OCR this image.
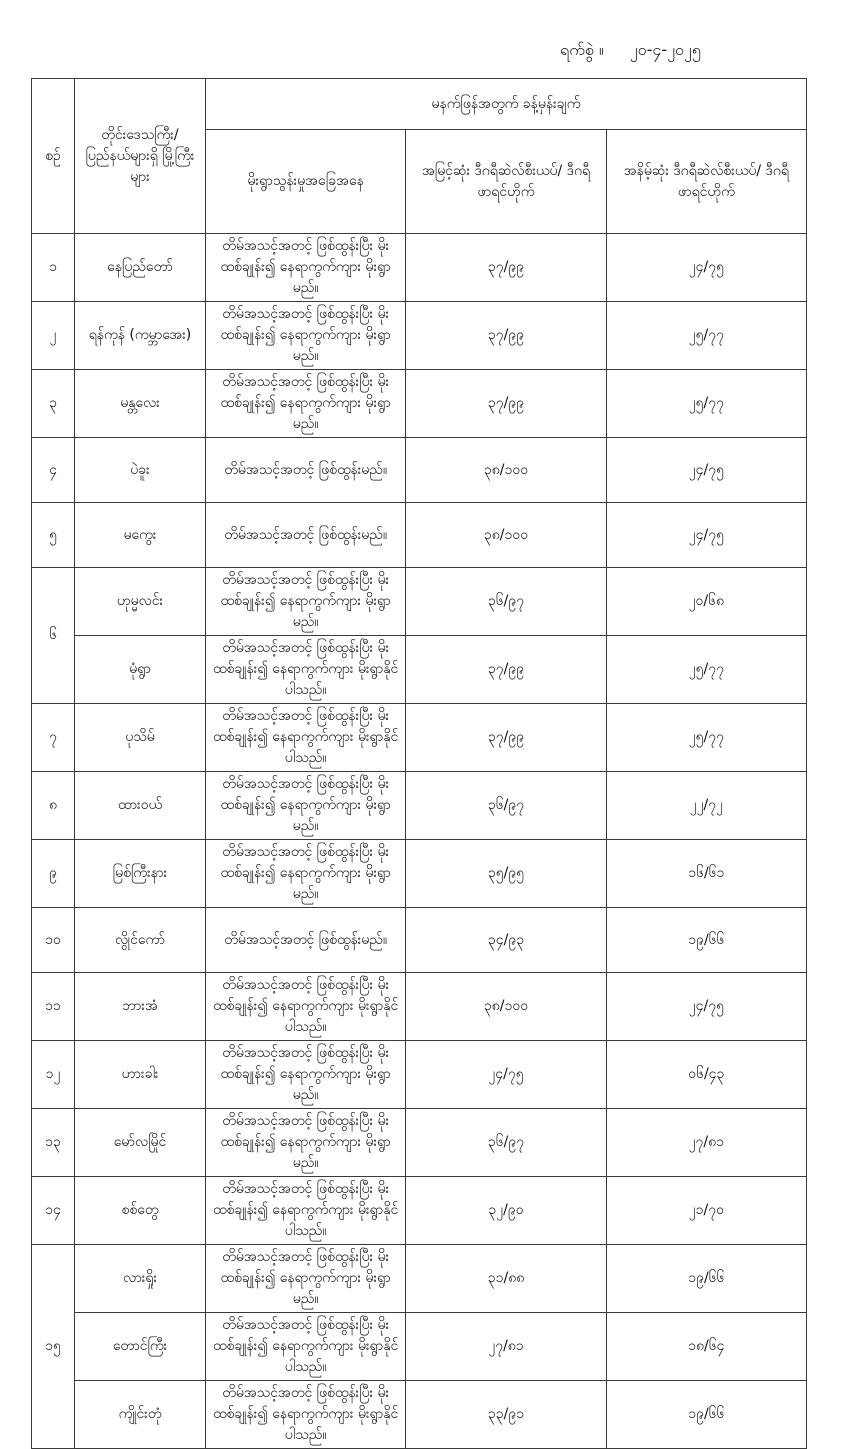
ရက်စွဲ ။ ၂၀-၄-၂၀၂၅
စဉ်	တိုင်းဒေသကြီး/ ပြည်နယ်များရှိ မြို့ကြီးများ	မနက်ဖြန်အတွက် ခန့်မှန်းချက်		
		မိုးရွာသွန်းမှုအခြေအနေ	အမြင့်ဆုံး ဒီဂရီဆဲလ်စီးယပ်/ ဒီဂရီဖာရင်ဟိုက်	အနိမ့်ဆုံး ဒီဂရီဆဲလ်စီးယပ်/ ဒီဂရီဖာရင်ဟိုက်
၁	နေပြည်တော်	တိမ်အသင့်အတင့် ဖြစ်ထွန်းပြီး မိုးထစ်ချုန်း၍ နေရာကွက်ကျား မိုးရွာမည်။	၃၇/၉၉	၂၄/၇၅
၂	ရန်ကုန် (ကမ္ဘာအေး)	တိမ်အသင့်အတင့် ဖြစ်ထွန်းပြီး မိုးထစ်ချုန်း၍ နေရာကွက်ကျား မိုးရွာမည်။	၃၇/၉၉	၂၅/၇၇
၃	မန္တလေး	တိမ်အသင့်အတင့် ဖြစ်ထွန်းပြီး မိုးထစ်ချုန်း၍ နေရာကွက်ကျား မိုးရွာမည်။	၃၇/၉၉	၂၅/၇၇
၄	ပဲခူး	တိမ်အသင့်အတင့် ဖြစ်ထွန်းမည်။	၃၈/၁၀၀	၂၄/၇၅
၅	မကွေး	တိမ်အသင့်အတင့် ဖြစ်ထွန်းမည်။	၃၈/၁၀၀	၂၄/၇၅
၆	ဟုမ္မလင်း	တိမ်အသင့်အတင့် ဖြစ်ထွန်းပြီး မိုးထစ်ချုန်း၍ နေရာကွက်ကျား မိုးရွာမည်။	၃၆/၉၇	၂၀/၆၈
	မုံရွာ	တိမ်အသင့်အတင့် ဖြစ်ထွန်းပြီး မိုးထစ်ချုန်း၍ နေရာကွက်ကျား မိုးရွာနိုင်ပါသည်။	၃၇/၉၉	၂၅/၇၇
၇	ပုသိမ်	တိမ်အသင့်အတင့် ဖြစ်ထွန်းပြီး မိုးထစ်ချုန်း၍ နေရာကွက်ကျား မိုးရွာနိုင်ပါသည်။	၃၇/၉၉	၂၅/၇၇
၈	ထားဝယ်	တိမ်အသင့်အတင့် ဖြစ်ထွန်းပြီး မိုးထစ်ချုန်း၍ နေရာကွက်ကျား မိုးရွာမည်။	၃၆/၉၇	၂၂/၇၂
၉	မြစ်ကြီးနား	တိမ်အသင့်အတင့် ဖြစ်ထွန်းပြီး မိုးထစ်ချုန်း၍ နေရာကွက်ကျား မိုးရွာမည်။	၃၅/၉၅	၁၆/၆၁
၁၀	လွိုင်ကော်	တိမ်အသင့်အတင့် ဖြစ်ထွန်းမည်။	၃၄/၉၃	၁၉/၆၆
၁၁	ဘားအံ	တိမ်အသင့်အတင့် ဖြစ်ထွန်းပြီး မိုးထစ်ချုန်း၍ နေရာကွက်ကျား မိုးရွာနိုင်ပါသည်။	၃၈/၁၀၀	၂၄/၇၅
၁၂	ဟားခါး	တိမ်အသင့်အတင့် ဖြစ်ထွန်းပြီး မိုးထစ်ချုန်း၍ နေရာကွက်ကျား မိုးရွာမည်။	၂၄/၇၅	၀၆/၄၃
၁၃	မော်လမြိုင်	တိမ်အသင့်အတင့် ဖြစ်ထွန်းပြီး မိုးထစ်ချုန်း၍ နေရာကွက်ကျား မိုးရွာမည်။	၃၆/၉၇	၂၇/၈၁
၁၄	စစ်တွေ	တိမ်အသင့်အတင့် ဖြစ်ထွန်းပြီး မိုးထစ်ချုန်း၍ နေရာကွက်ကျား မိုးရွာနိုင်ပါသည်။	၃၂/၉၀	၂၁/၇၀
၁၅	လားရှိုး	တိမ်အသင့်အတင့် ဖြစ်ထွန်းပြီး မိုးထစ်ချုန်း၍ နေရာကွက်ကျား မိုးရွာမည်။	၃၁/၈၈	၁၉/၆၆
	တောင်ကြီး	တိမ်အသင့်အတင့် ဖြစ်ထွန်းပြီး မိုးထစ်ချုန်း၍ နေရာကွက်ကျား မိုးရွာနိုင်ပါသည်။	၂၇/၈၁	၁၈/၆၄
	ကျိုင်းတုံ	တိမ်အသင့်အတင့် ဖြစ်ထွန်းပြီး မိုးထစ်ချုန်း၍ နေရာကွက်ကျား မိုးရွာနိုင်ပါသည်။	၃၃/၉၁	၁၉/၆၆
